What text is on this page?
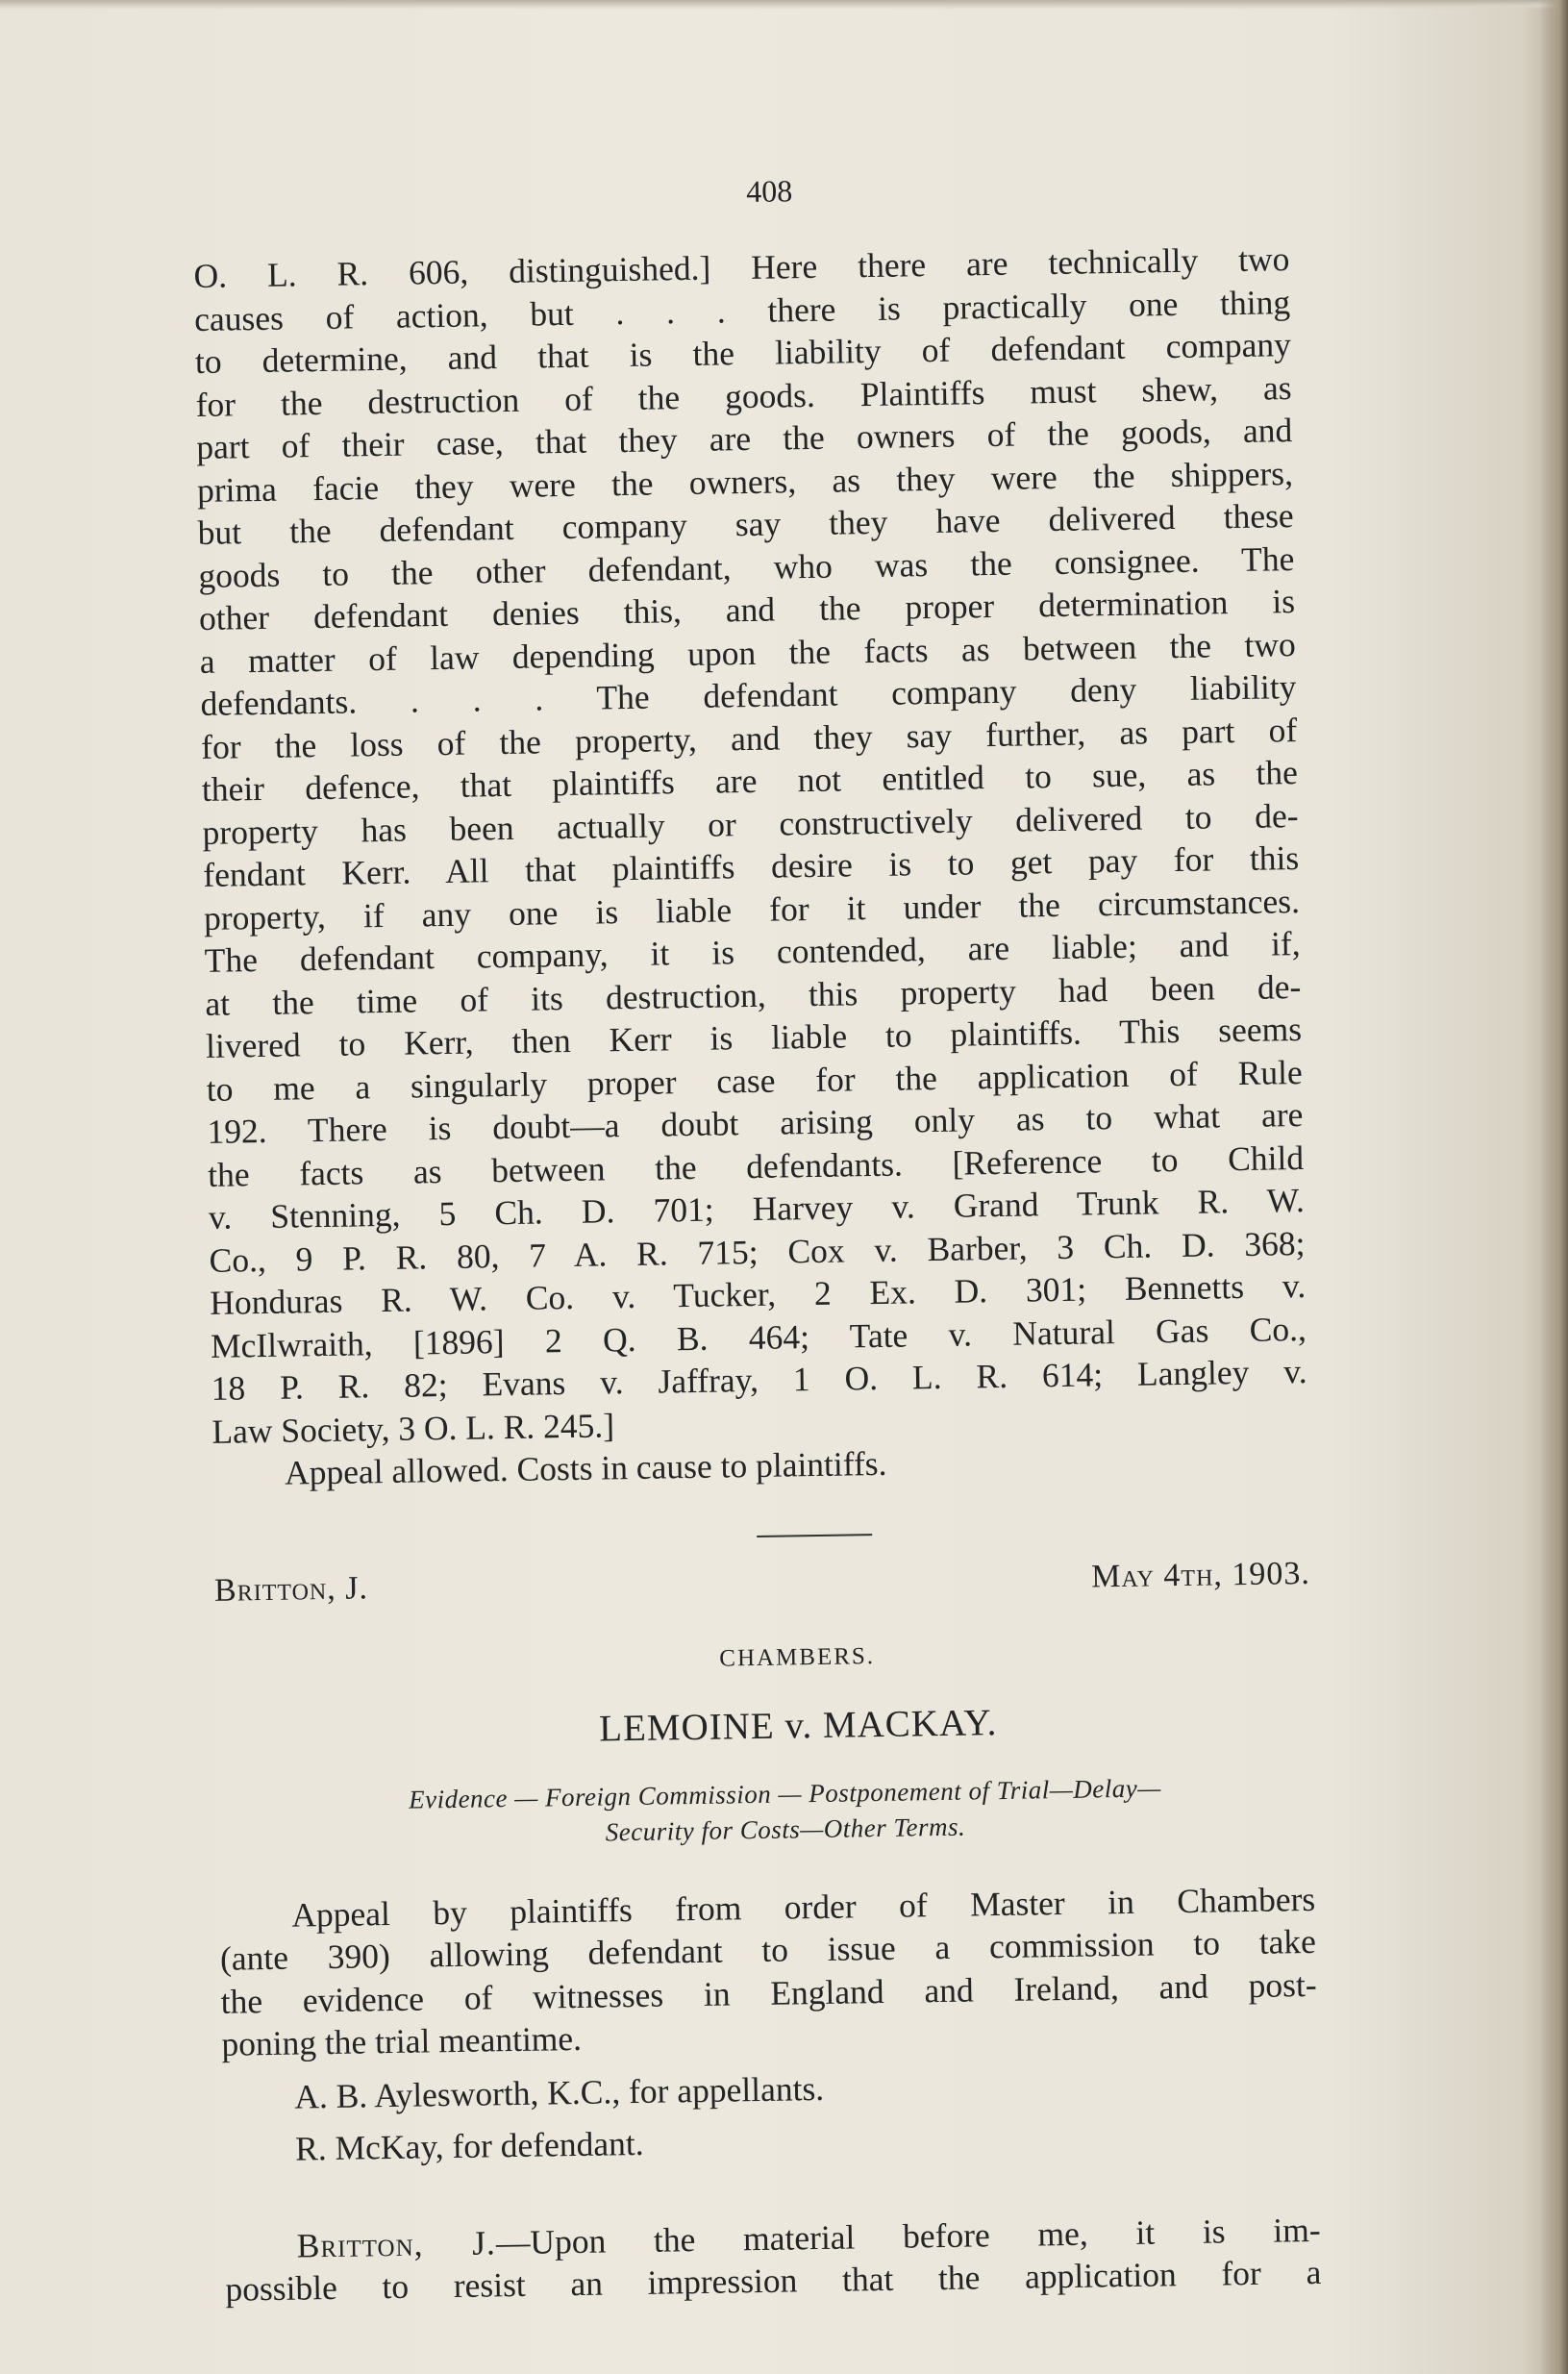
408
O. L. R. 606, distinguished.] Here there are technically two
causes of action, but . . . there is practically one thing
to determine, and that is the liability of defendant company
for the destruction of the goods. Plaintiffs must shew, as
part of their case, that they are the owners of the goods, and
prima facie they were the owners, as they were the shippers,
but the defendant company say they have delivered these
goods to the other defendant, who was the consignee. The
other defendant denies this, and the proper determination is
a matter of law depending upon the facts as between the two
defendants. . . . The defendant company deny liability
for the loss of the property, and they say further, as part of
their defence, that plaintiffs are not entitled to sue, as the
property has been actually or constructively delivered to de-
fendant Kerr. All that plaintiffs desire is to get pay for this
property, if any one is liable for it under the circumstances.
The defendant company, it is contended, are liable; and if,
at the time of its destruction, this property had been de-
livered to Kerr, then Kerr is liable to plaintiffs. This seems
to me a singularly proper case for the application of Rule
192. There is doubt—a doubt arising only as to what are
the facts as between the defendants. [Reference to Child
v. Stenning, 5 Ch. D. 701; Harvey v. Grand Trunk R. W.
Co., 9 P. R. 80, 7 A. R. 715; Cox v. Barber, 3 Ch. D. 368;
Honduras R. W. Co. v. Tucker, 2 Ex. D. 301; Bennetts v.
McIlwraith, [1896] 2 Q. B. 464; Tate v. Natural Gas Co.,
18 P. R. 82; Evans v. Jaffray, 1 O. L. R. 614; Langley v.
Law Society, 3 O. L. R. 245.]
Appeal allowed. Costs in cause to plaintiffs.
Britton, J.	May 4th, 1903.
CHAMBERS.
LEMOINE v. MACKAY.
Evidence — Foreign Commission — Postponement of Trial—Delay—
Security for Costs—Other Terms.
Appeal by plaintiffs from order of Master in Chambers
(ante 390) allowing defendant to issue a commission to take
the evidence of witnesses in England and Ireland, and post-
poning the trial meantime.
A. B. Aylesworth, K.C., for appellants.
R. McKay, for defendant.
Britton, J.—Upon the material before me, it is im-
possible to resist an impression that the application for a
